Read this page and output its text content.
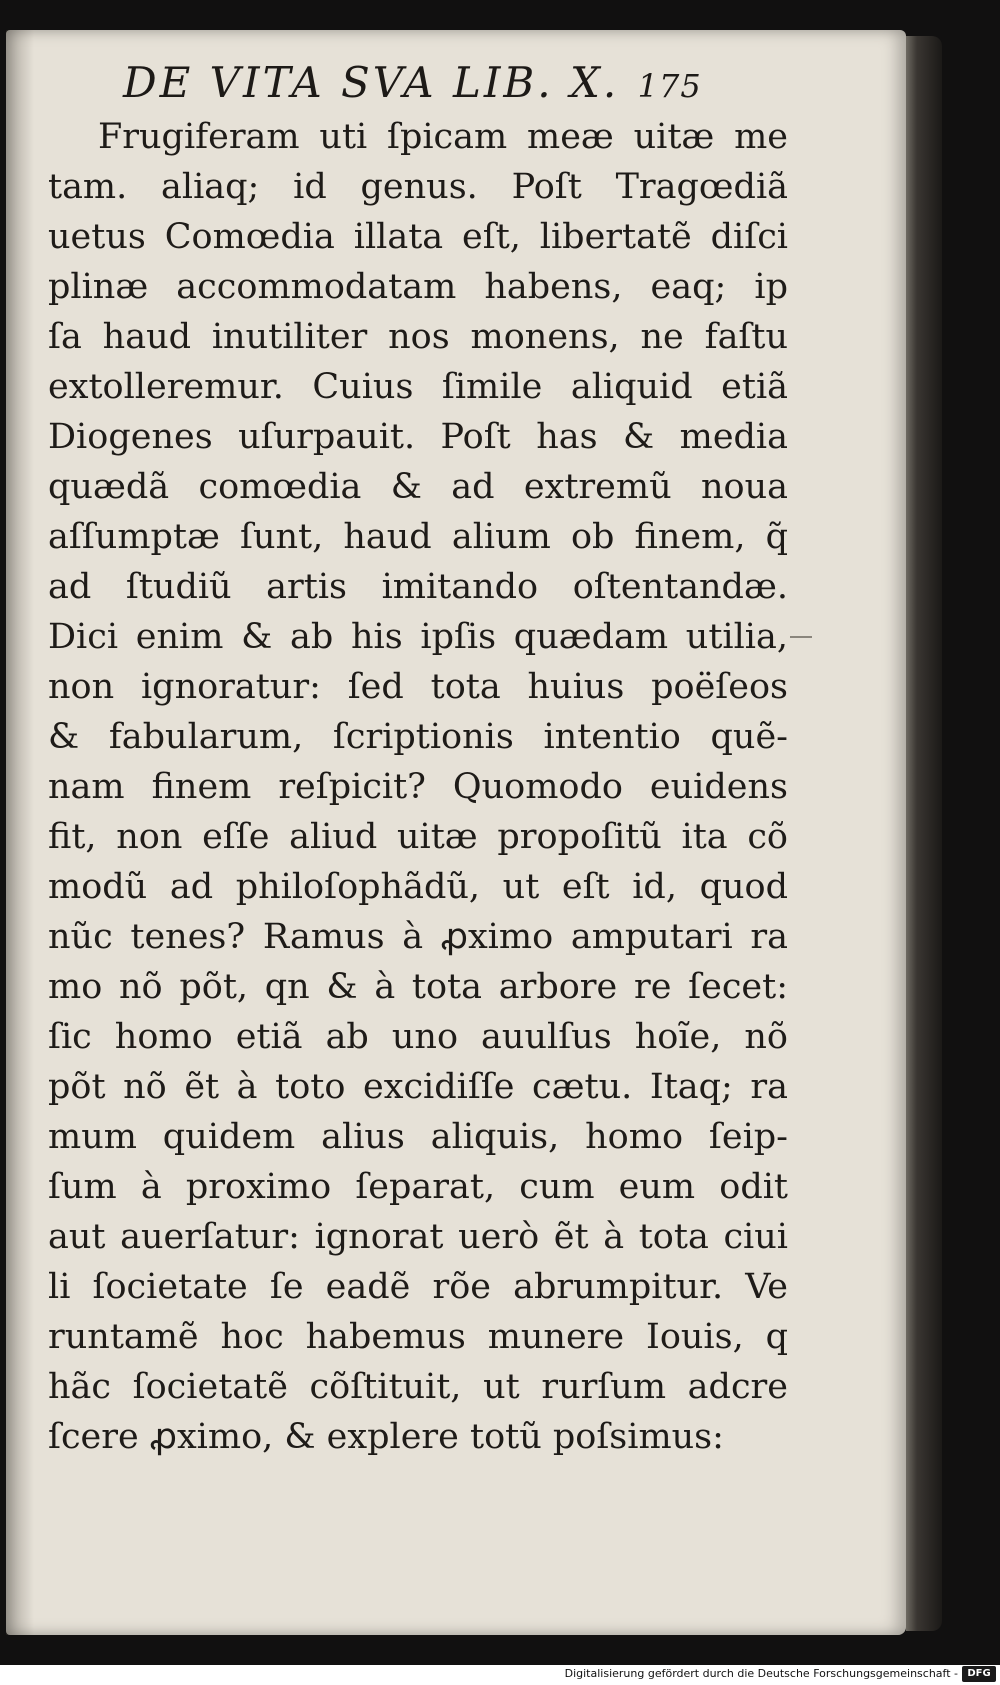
DE VITA SVA LIB. X. 175
Frugiferam uti ſpicam meæ uitæ me
tam. aliaq; id genus. Poſt Tragœdiã
uetus Comœdia illata eſt, libertatẽ diſci
plinæ accommodatam habens, eaq; ip
ſa haud inutiliter nos monens, ne faſtu
extolleremur. Cuius ſimile aliquid etiã
Diogenes uſurpauit. Poſt has & media
quædã comœdia & ad extremũ noua
aſſumptæ ſunt, haud alium ob finem, q̃
ad ſtudiũ artis imitando oſtentandæ.
Dici enim & ab his ipſis quædam utilia,
non ignoratur: ſed tota huius poëſeos
& fabularum, ſcriptionis intentio quẽ-
nam finem reſpicit? Quomodo euidens
fit, non eſſe aliud uitæ propoſitũ ita cõ
modũ ad philoſophãdũ, ut eſt id, quod
nũc tenes? Ramus à ꝓximo amputari ra
mo nõ põt, qn & à tota arbore re ſecet:
ſic homo etiã ab uno auulſus hoĩe, nõ
põt nõ ẽt à toto excidiſſe cætu. Itaq; ra
mum quidem alius aliquis, homo ſeip-
ſum à proximo ſeparat, cum eum odit
aut auerſatur: ignorat uerò ẽt à tota ciui
li ſocietate ſe eadẽ rõe abrumpitur. Ve
runtamẽ hoc habemus munere Iouis, q
hãc ſocietatẽ cõſtituit, ut rurſum adcre
ſcere ꝓximo, & explere totũ poſsimus:
Digitalisierung gefördert durch die Deutsche Forschungsgemeinschaft - DFG
